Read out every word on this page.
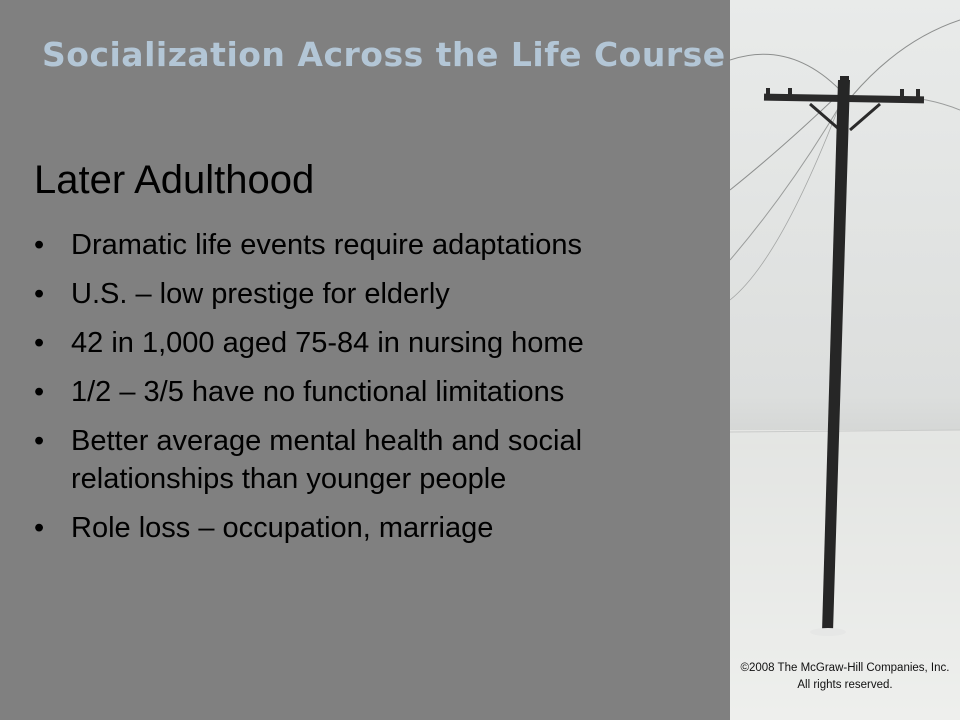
Socialization Across the Life Course
Later Adulthood
• Dramatic life events require adaptations
• U.S. – low prestige for elderly
• 42 in 1,000 aged 75-84 in nursing home
• 1/2 – 3/5 have no functional limitations
• Better average mental health and social relationships than younger people
• Role loss – occupation, marriage
©2008 The McGraw-Hill Companies, Inc. All rights reserved.
